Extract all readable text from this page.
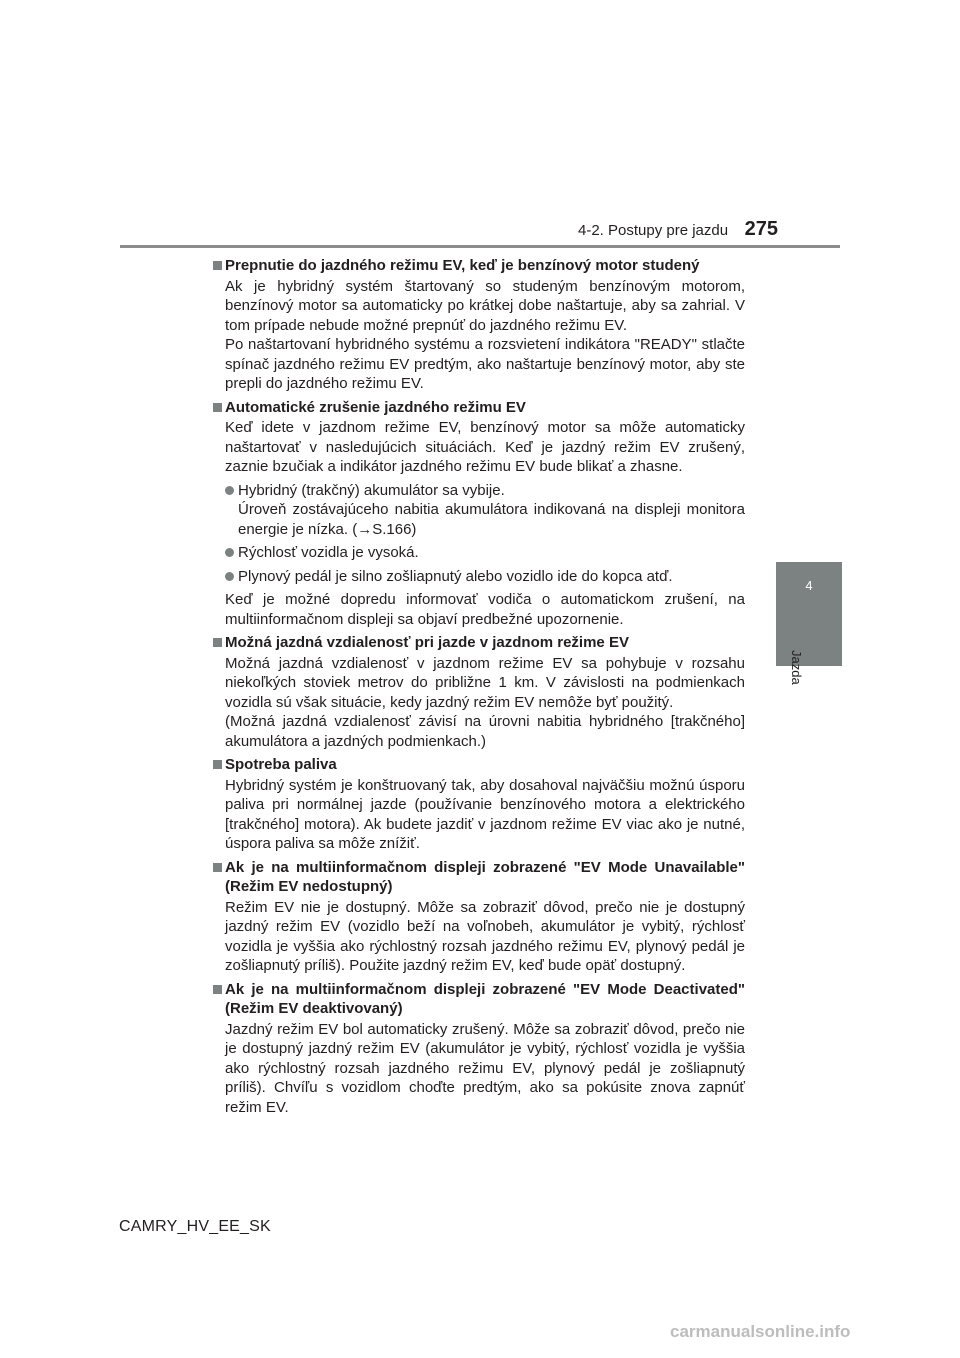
4-2. Postupy pre jazdu 275
4
Jazda
Prepnutie do jazdného režimu EV, keď je benzínový motor studený
Ak je hybridný systém štartovaný so studeným benzínovým motorom, benzínový motor sa automaticky po krátkej dobe naštartuje, aby sa zahrial. V tom prípade nebude možné prepnúť do jazdného režimu EV.
Po naštartovaní hybridného systému a rozsvietení indikátora "READY" stlačte spínač jazdného režimu EV predtým, ako naštartuje benzínový motor, aby ste prepli do jazdného režimu EV.
Automatické zrušenie jazdného režimu EV
Keď idete v jazdnom režime EV, benzínový motor sa môže automaticky naštartovať v nasledujúcich situáciách. Keď je jazdný režim EV zrušený, zaznie bzučiak a indikátor jazdného režimu EV bude blikať a zhasne.
Hybridný (trakčný) akumulátor sa vybije.
Úroveň zostávajúceho nabitia akumulátora indikovaná na displeji monitora energie je nízka. (→S.166)
Rýchlosť vozidla je vysoká.
Plynový pedál je silno zošliapnutý alebo vozidlo ide do kopca atď.
Keď je možné dopredu informovať vodiča o automatickom zrušení, na multiinformačnom displeji sa objaví predbežné upozornenie.
Možná jazdná vzdialenosť pri jazde v jazdnom režime EV
Možná jazdná vzdialenosť v jazdnom režime EV sa pohybuje v rozsahu niekoľkých stoviek metrov do približne 1 km. V závislosti na podmienkach vozidla sú však situácie, kedy jazdný režim EV nemôže byť použitý.
(Možná jazdná vzdialenosť závisí na úrovni nabitia hybridného [trakčného] akumulátora a jazdných podmienkach.)
Spotreba paliva
Hybridný systém je konštruovaný tak, aby dosahoval najväčšiu možnú úsporu paliva pri normálnej jazde (používanie benzínového motora a elektrického [trakčného] motora). Ak budete jazdiť v jazdnom režime EV viac ako je nutné, úspora paliva sa môže znížiť.
Ak je na multiinformačnom displeji zobrazené "EV Mode Unavailable" (Režim EV nedostupný)
Režim EV nie je dostupný. Môže sa zobraziť dôvod, prečo nie je dostupný jazdný režim EV (vozidlo beží na voľnobeh, akumulátor je vybitý, rýchlosť vozidla je vyššia ako rýchlostný rozsah jazdného režimu EV, plynový pedál je zošliapnutý príliš). Použite jazdný režim EV, keď bude opäť dostupný.
Ak je na multiinformačnom displeji zobrazené "EV Mode Deactivated" (Režim EV deaktivovaný)
Jazdný režim EV bol automaticky zrušený. Môže sa zobraziť dôvod, prečo nie je dostupný jazdný režim EV (akumulátor je vybitý, rýchlosť vozidla je vyššia ako rýchlostný rozsah jazdného režimu EV, plynový pedál je zošliapnutý príliš). Chvíľu s vozidlom choďte predtým, ako sa pokúsite znova zapnúť režim EV.
CAMRY_HV_EE_SK
carmanualsonline.info
